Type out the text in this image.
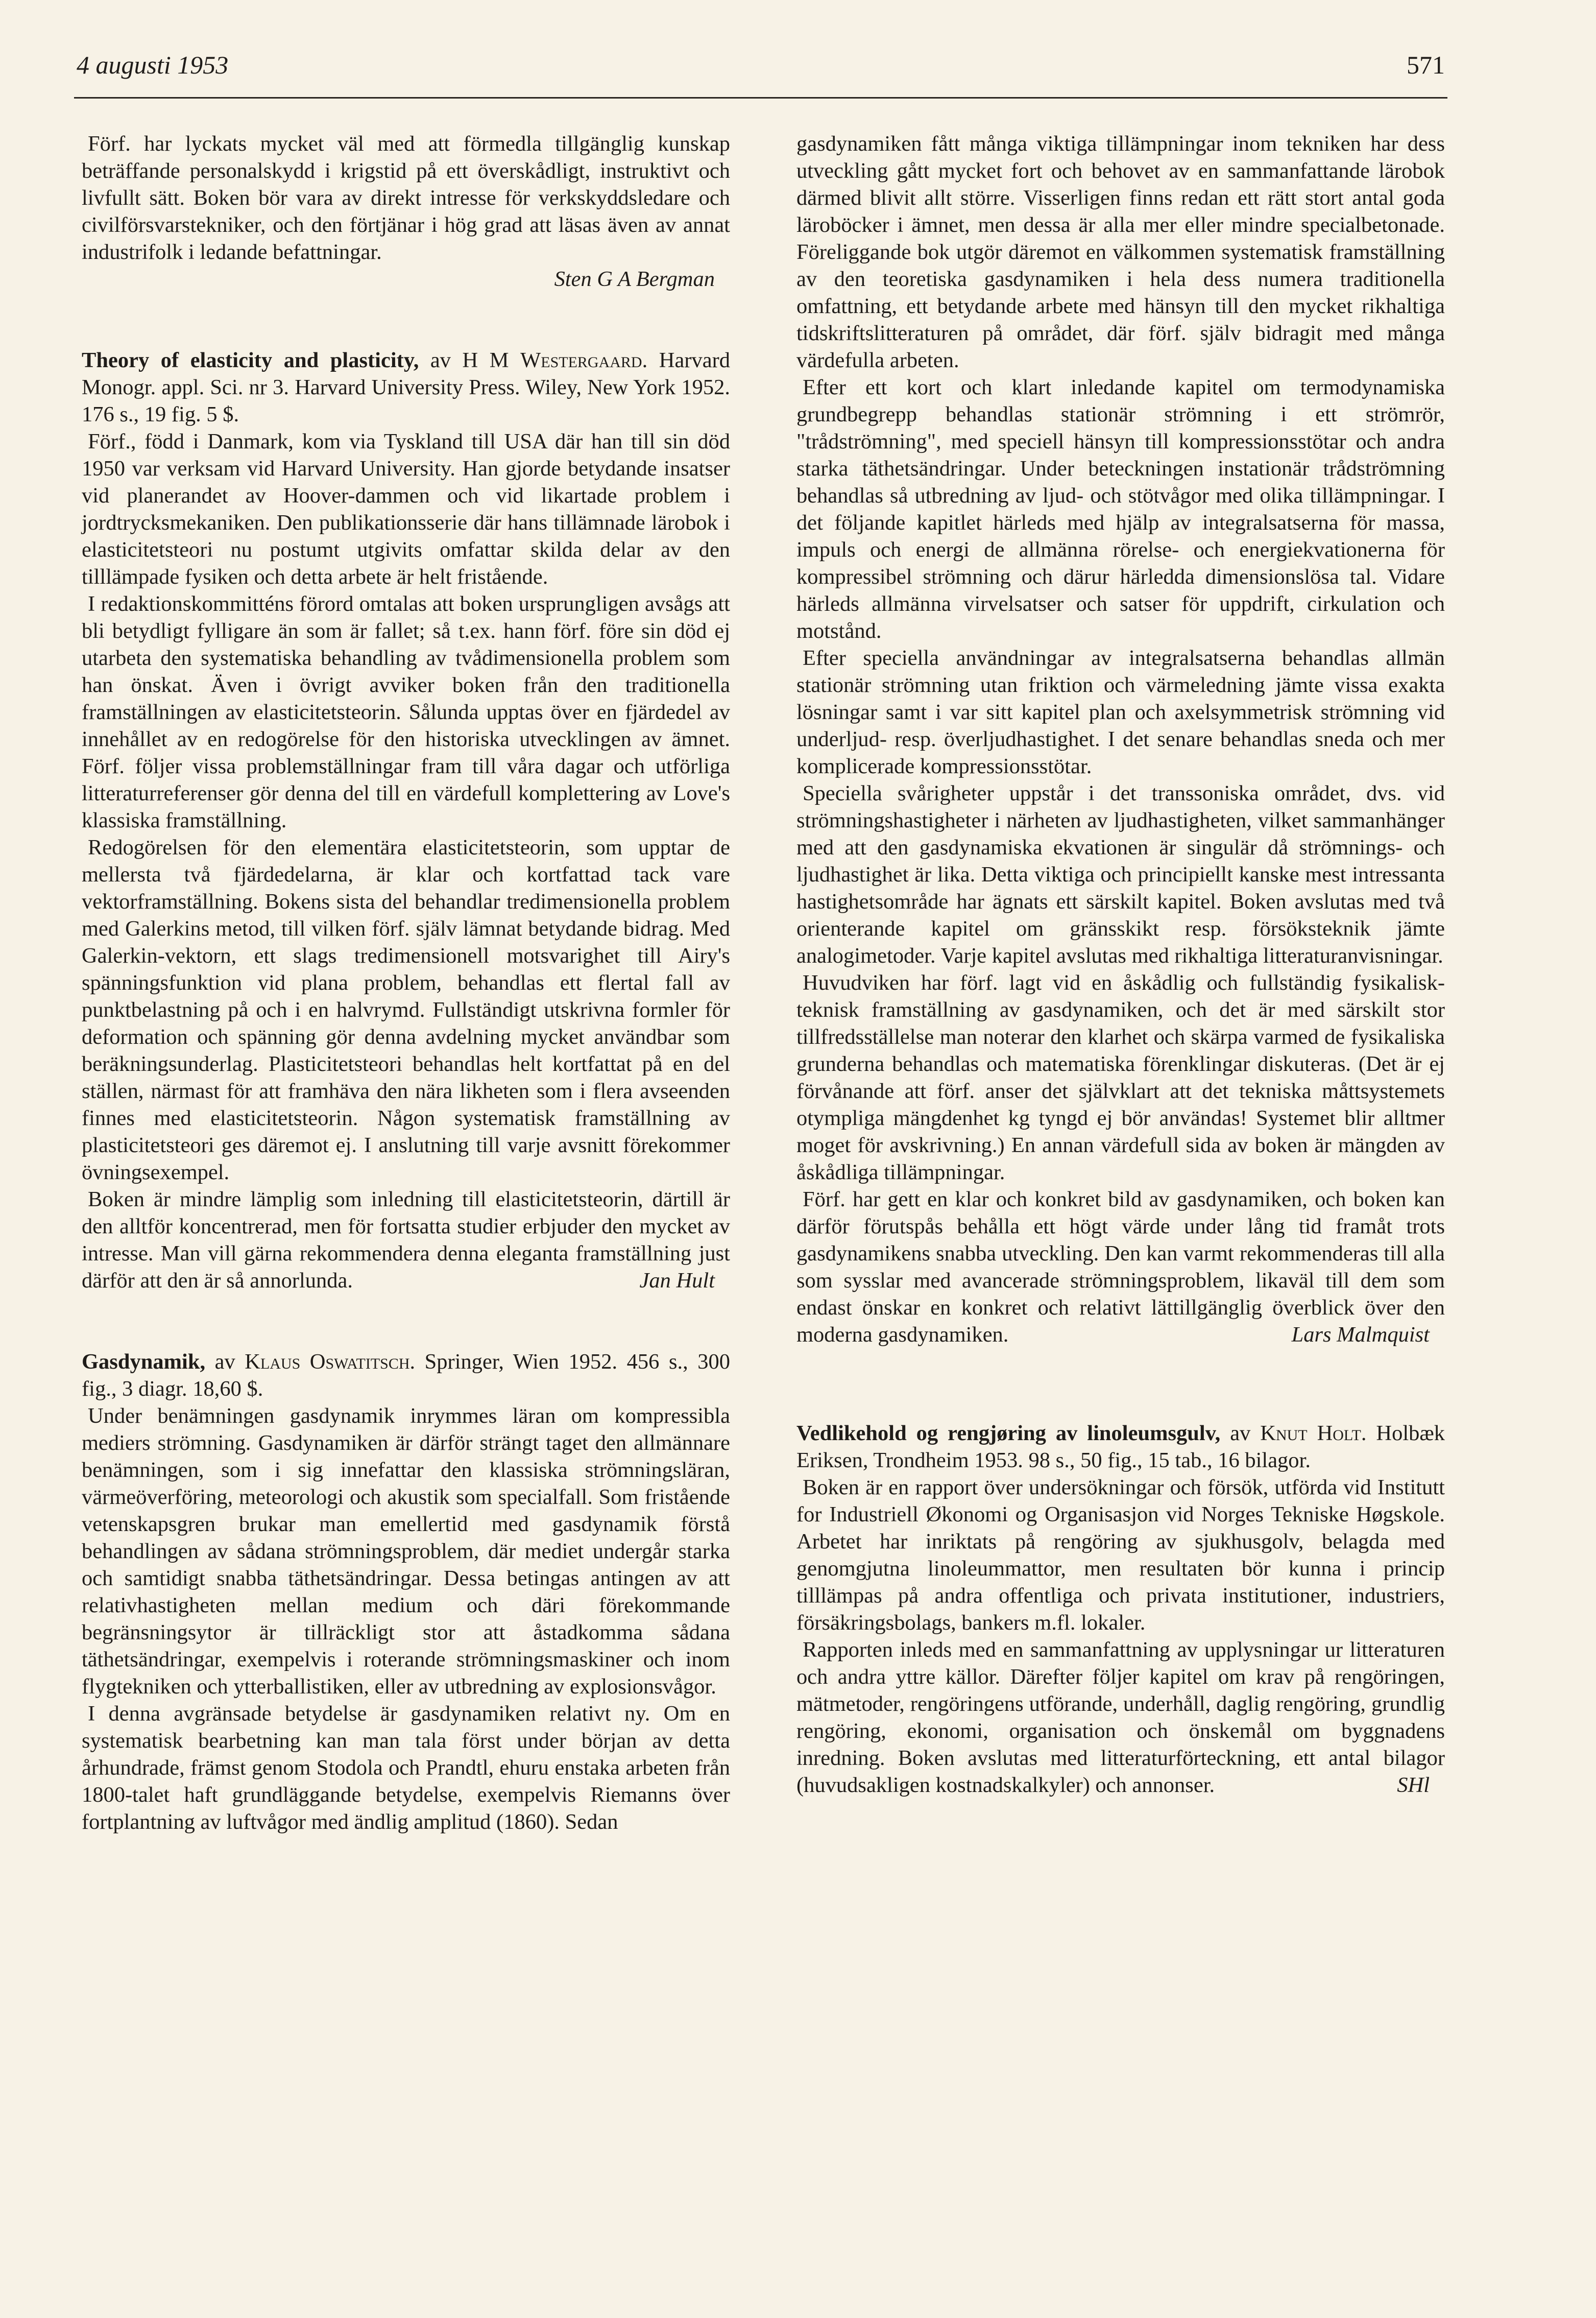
4 augusti 1953	571

Förf. har lyckats mycket väl med att förmedla tillgänglig kunskap beträffande personalskydd i krigstid på ett överskådligt, instruktivt och livfullt sätt. Boken bör vara av direkt intresse för verkskyddsledare och civilförsvarstekniker, och den förtjänar i hög grad att läsas även av annat industrifolk i ledande befattningar.

Sten G A Bergman

Theory of elasticity and plasticity, av H M Westergaard. Harvard Monogr. appl. Sci. nr 3. Harvard University Press. Wiley, New York 1952. 176 s., 19 fig. 5 $.

Förf., född i Danmark, kom via Tyskland till USA där han till sin död 1950 var verksam vid Harvard University. Han gjorde betydande insatser vid planerandet av Hoover-dammen och vid likartade problem i jordtrycksmekaniken. Den publikationsserie där hans tillämnade lärobok i elasticitetsteori nu postumt utgivits omfattar skilda delar av den tilllämpade fysiken och detta arbete är helt fristående.

I redaktionskommitténs förord omtalas att boken ursprungligen avsågs att bli betydligt fylligare än som är fallet; så t.ex. hann förf. före sin död ej utarbeta den systematiska behandling av tvådimensionella problem som han önskat. Även i övrigt avviker boken från den traditionella framställningen av elasticitetsteorin. Sålunda upptas över en fjärdedel av innehållet av en redogörelse för den historiska utvecklingen av ämnet. Förf. följer vissa problemställningar fram till våra dagar och utförliga litteraturreferenser gör denna del till en värdefull komplettering av Love's klassiska framställning.

Redogörelsen för den elementära elasticitetsteorin, som upptar de mellersta två fjärdedelarna, är klar och kortfattad tack vare vektorframställning. Bokens sista del behandlar tredimensionella problem med Galerkins metod, till vilken förf. själv lämnat betydande bidrag. Med Galerkin-vektorn, ett slags tredimensionell motsvarighet till Airy's spänningsfunktion vid plana problem, behandlas ett flertal fall av punktbelastning på och i en halvrymd. Fullständigt utskrivna formler för deformation och spänning gör denna avdelning mycket användbar som beräkningsunderlag. Plasticitetsteori behandlas helt kortfattat på en del ställen, närmast för att framhäva den nära likheten som i flera avseenden finnes med elasticitetsteorin. Någon systematisk framställning av plasticitetsteori ges däremot ej. I anslutning till varje avsnitt förekommer övningsexempel.

Boken är mindre lämplig som inledning till elasticitetsteorin, därtill är den alltför koncentrerad, men för fortsatta studier erbjuder den mycket av intresse. Man vill gärna rekommendera denna eleganta framställning just därför att den är så annorlunda.	Jan Hult

Gasdynamik, av Klaus Oswatitsch. Springer, Wien 1952. 456 s., 300 fig., 3 diagr. 18,60 $.

Under benämningen gasdynamik inrymmes läran om kompressibla mediers strömning. Gasdynamiken är därför strängt taget den allmännare benämningen, som i sig innefattar den klassiska strömningsläran, värmeöverföring, meteorologi och akustik som specialfall. Som fristående vetenskapsgren brukar man emellertid med gasdynamik förstå behandlingen av sådana strömningsproblem, där mediet undergår starka och samtidigt snabba täthetsändringar. Dessa betingas antingen av att relativhastigheten mellan medium och däri förekommande begränsningsytor är tillräckligt stor att åstadkomma sådana täthetsändringar, exempelvis i roterande strömningsmaskiner och inom flygtekniken och ytterballistiken, eller av utbredning av explosionsvågor.

I denna avgränsade betydelse är gasdynamiken relativt ny. Om en systematisk bearbetning kan man tala först under början av detta århundrade, främst genom Stodola och Prandtl, ehuru enstaka arbeten från 1800-talet haft grundläggande betydelse, exempelvis Riemanns över fortplantning av luftvågor med ändlig amplitud (1860). Sedan

gasdynamiken fått många viktiga tillämpningar inom tekniken har dess utveckling gått mycket fort och behovet av en sammanfattande lärobok därmed blivit allt större. Visserligen finns redan ett rätt stort antal goda läroböcker i ämnet, men dessa är alla mer eller mindre specialbetonade. Föreliggande bok utgör däremot en välkommen systematisk framställning av den teoretiska gasdynamiken i hela dess numera traditionella omfattning, ett betydande arbete med hänsyn till den mycket rikhaltiga tidskriftslitteraturen på området, där förf. själv bidragit med många värdefulla arbeten.

Efter ett kort och klart inledande kapitel om termodynamiska grundbegrepp behandlas stationär strömning i ett strömrör, "trådströmning", med speciell hänsyn till kompressionsstötar och andra starka täthetsändringar. Under beteckningen instationär trådströmning behandlas så utbredning av ljud- och stötvågor med olika tillämpningar. I det följande kapitlet härleds med hjälp av integralsatserna för massa, impuls och energi de allmänna rörelse- och energiekvationerna för kompressibel strömning och därur härledda dimensionslösa tal. Vidare härleds allmänna virvelsatser och satser för uppdrift, cirkulation och motstånd.

Efter speciella användningar av integralsatserna behandlas allmän stationär strömning utan friktion och värmeledning jämte vissa exakta lösningar samt i var sitt kapitel plan och axelsymmetrisk strömning vid underljud- resp. överljudhastighet. I det senare behandlas sneda och mer komplicerade kompressionsstötar.

Speciella svårigheter uppstår i det transsoniska området, dvs. vid strömningshastigheter i närheten av ljudhastigheten, vilket sammanhänger med att den gasdynamiska ekvationen är singulär då strömnings- och ljudhastighet är lika. Detta viktiga och principiellt kanske mest intressanta hastighetsområde har ägnats ett särskilt kapitel. Boken avslutas med två orienterande kapitel om gränsskikt resp. försöksteknik jämte analogimetoder. Varje kapitel avslutas med rikhaltiga litteraturanvisningar.

Huvudviken har förf. lagt vid en åskådlig och fullständig fysikalisk-teknisk framställning av gasdynamiken, och det är med särskilt stor tillfredsställelse man noterar den klarhet och skärpa varmed de fysikaliska grunderna behandlas och matematiska förenklingar diskuteras. (Det är ej förvånande att förf. anser det självklart att det tekniska måttsystemets otympliga mängdenhet kg tyngd ej bör användas! Systemet blir alltmer moget för avskrivning.) En annan värdefull sida av boken är mängden av åskådliga tillämpningar.

Förf. har gett en klar och konkret bild av gasdynamiken, och boken kan därför förutspås behålla ett högt värde under lång tid framåt trots gasdynamikens snabba utveckling. Den kan varmt rekommenderas till alla som sysslar med avancerade strömningsproblem, likaväl till dem som endast önskar en konkret och relativt lättillgänglig överblick över den moderna gasdynamiken.	Lars Malmquist

Vedlikehold og rengjøring av linoleumsgulv, av Knut Holt. Holbæk Eriksen, Trondheim 1953. 98 s., 50 fig., 15 tab., 16 bilagor.

Boken är en rapport över undersökningar och försök, utförda vid Institutt for Industriell Økonomi og Organisasjon vid Norges Tekniske Høgskole. Arbetet har inriktats på rengöring av sjukhusgolv, belagda med genomgjutna linoleummattor, men resultaten bör kunna i princip tilllämpas på andra offentliga och privata institutioner, industriers, försäkringsbolags, bankers m.fl. lokaler.

Rapporten inleds med en sammanfattning av upplysningar ur litteraturen och andra yttre källor. Därefter följer kapitel om krav på rengöringen, mätmetoder, rengöringens utförande, underhåll, daglig rengöring, grundlig rengöring, ekonomi, organisation och önskemål om byggnadens inredning. Boken avslutas med litteraturförteckning, ett antal bilagor (huvudsakligen kostnadskalkyler) och annonser.	SHl
